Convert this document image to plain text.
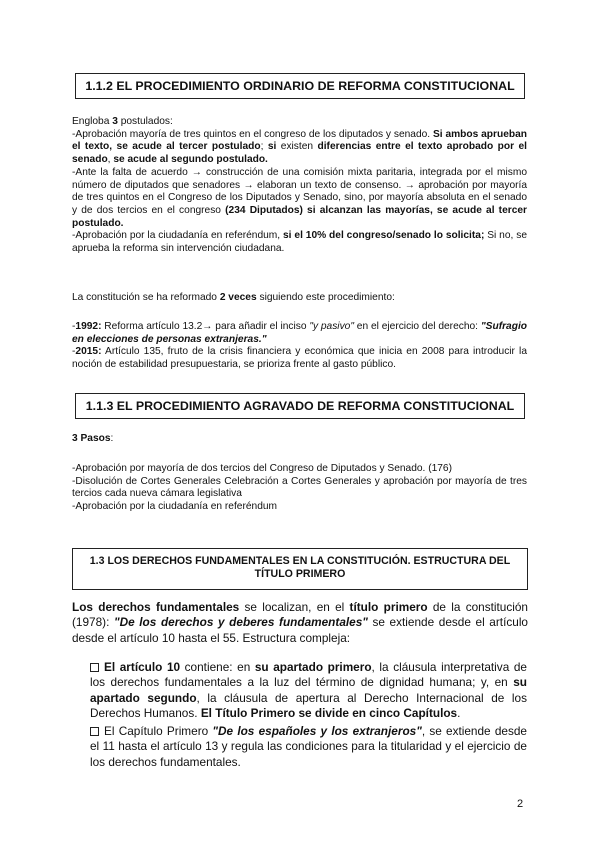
1.1.2 EL PROCEDIMIENTO ORDINARIO DE REFORMA CONSTITUCIONAL

Engloba 3 postulados:

-Aprobación mayoría de tres quintos en el congreso de los diputados y senado. Si ambos aprueban el texto, se acude al tercer postulado; si existen diferencias entre el texto aprobado por el senado, se acude al segundo postulado.

-Ante la falta de acuerdo → construcción de una comisión mixta paritaria, integrada por el mismo número de diputados que senadores → elaboran un texto de consenso. → aprobación por mayoría de tres quintos en el Congreso de los Diputados y Senado, sino, por mayoría absoluta en el senado y de dos tercios en el congreso (234 Diputados) si alcanzan las mayorías, se acude al tercer postulado.

-Aprobación por la ciudadanía en referéndum, si el 10% del congreso/senado lo solicita; Si no, se aprueba la reforma sin intervención ciudadana.

La constitución se ha reformado 2 veces siguiendo este procedimiento:

-1992: Reforma artículo 13.2→ para añadir el inciso "y pasivo" en el ejercicio del derecho: "Sufragio en elecciones de personas extranjeras."

-2015: Artículo 135, fruto de la crisis financiera y económica que inicia en 2008 para introducir la noción de estabilidad presupuestaria, se prioriza frente al gasto público.

1.1.3 EL PROCEDIMIENTO AGRAVADO DE REFORMA CONSTITUCIONAL

3 Pasos:

-Aprobación por mayoría de dos tercios del Congreso de Diputados y Senado. (176)

-Disolución de Cortes Generales Celebración a Cortes Generales y aprobación por mayoría de tres tercios cada nueva cámara legislativa

-Aprobación por la ciudadanía en referéndum

1.3 LOS DERECHOS FUNDAMENTALES EN LA CONSTITUCIÓN. ESTRUCTURA DEL
TÍTULO PRIMERO

Los derechos fundamentales se localizan, en el título primero de la constitución (1978): "De los derechos y deberes fundamentales" se extiende desde el artículo desde el artículo 10 hasta el 55. Estructura compleja:

El artículo 10 contiene: en su apartado primero, la cláusula interpretativa de los derechos fundamentales a la luz del término de dignidad humana; y, en su apartado segundo, la cláusula de apertura al Derecho Internacional de los Derechos Humanos. El Título Primero se divide en cinco Capítulos.

El Capítulo Primero "De los españoles y los extranjeros", se extiende desde el 11 hasta el artículo 13 y regula las condiciones para la titularidad y el ejercicio de los derechos fundamentales.

2
